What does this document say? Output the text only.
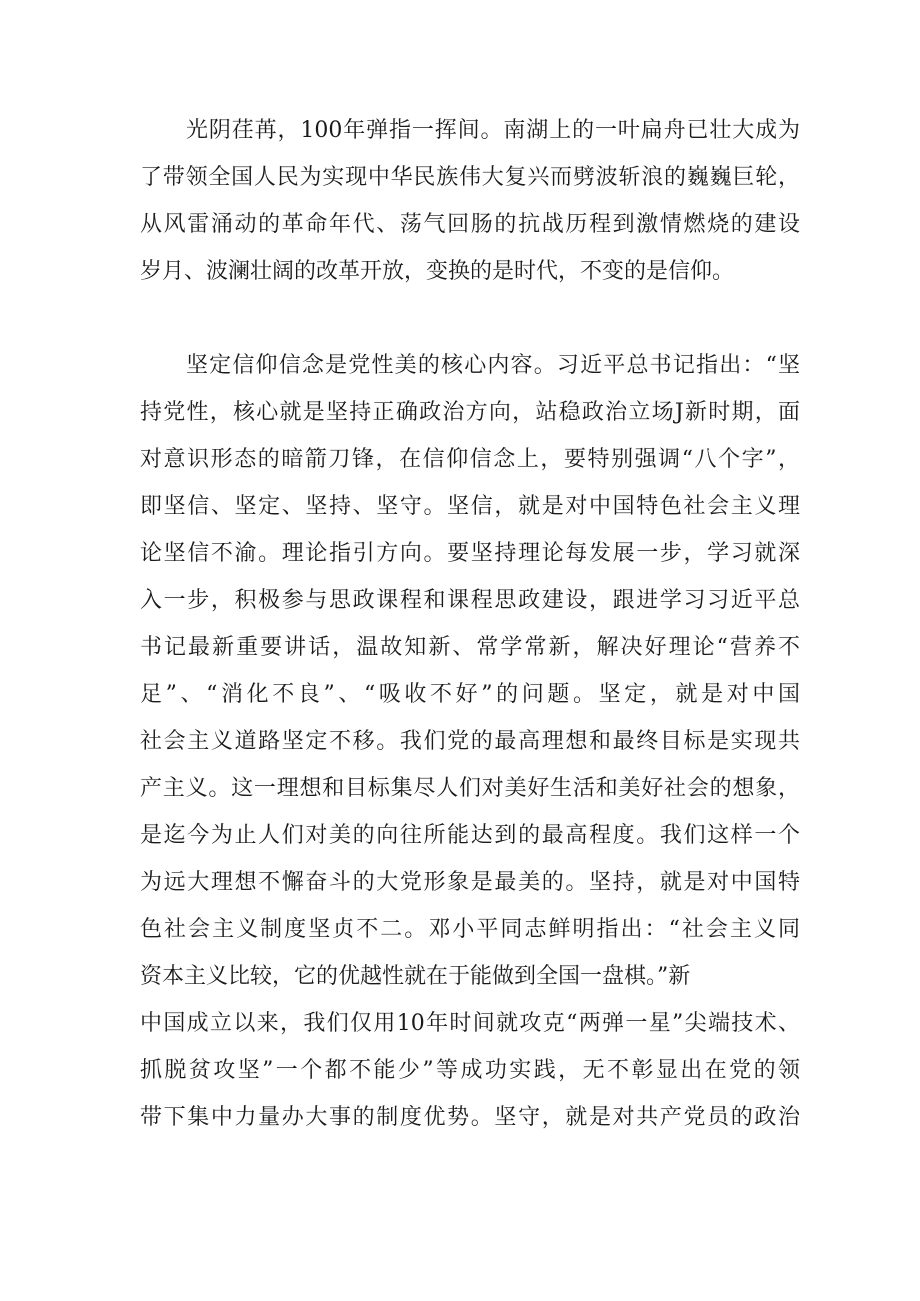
光阴荏苒，100年弹指一挥间。南湖上的一叶扁舟已壮大成为
了带领全国人民为实现中华民族伟大复兴而劈波斩浪的巍巍巨轮，
从风雷涌动的革命年代、荡气回肠的抗战历程到激情燃烧的建设
岁月、波澜壮阔的改革开放，变换的是时代，不变的是信仰。
坚定信仰信念是党性美的核心内容。习近平总书记指出：“坚
持党性，核心就是坚持正确政治方向，站稳政治立场J新时期，面
对意识形态的暗箭刀锋，在信仰信念上，要特别强调“八个字”，
即坚信、坚定、坚持、坚守。坚信，就是对中国特色社会主义理
论坚信不渝。理论指引方向。要坚持理论每发展一步，学习就深
入一步，积极参与思政课程和课程思政建设，跟进学习习近平总
书记最新重要讲话，温故知新、常学常新，解决好理论“营养不
足”、“消化不良”、“吸收不好”的问题。坚定，就是对中国
社会主义道路坚定不移。我们党的最高理想和最终目标是实现共
产主义。这一理想和目标集尽人们对美好生活和美好社会的想象，
是迄今为止人们对美的向往所能达到的最高程度。我们这样一个
为远大理想不懈奋斗的大党形象是最美的。坚持，就是对中国特
色社会主义制度坚贞不二。邓小平同志鲜明指出：“社会主义同
资本主义比较，它的优越性就在于能做到全国一盘棋。”新
中国成立以来，我们仅用10年时间就攻克“两弹一星”尖端技术、
抓脱贫攻坚”一个都不能少”等成功实践，无不彰显出在党的领
带下集中力量办大事的制度优势。坚守，就是对共产党员的政治
